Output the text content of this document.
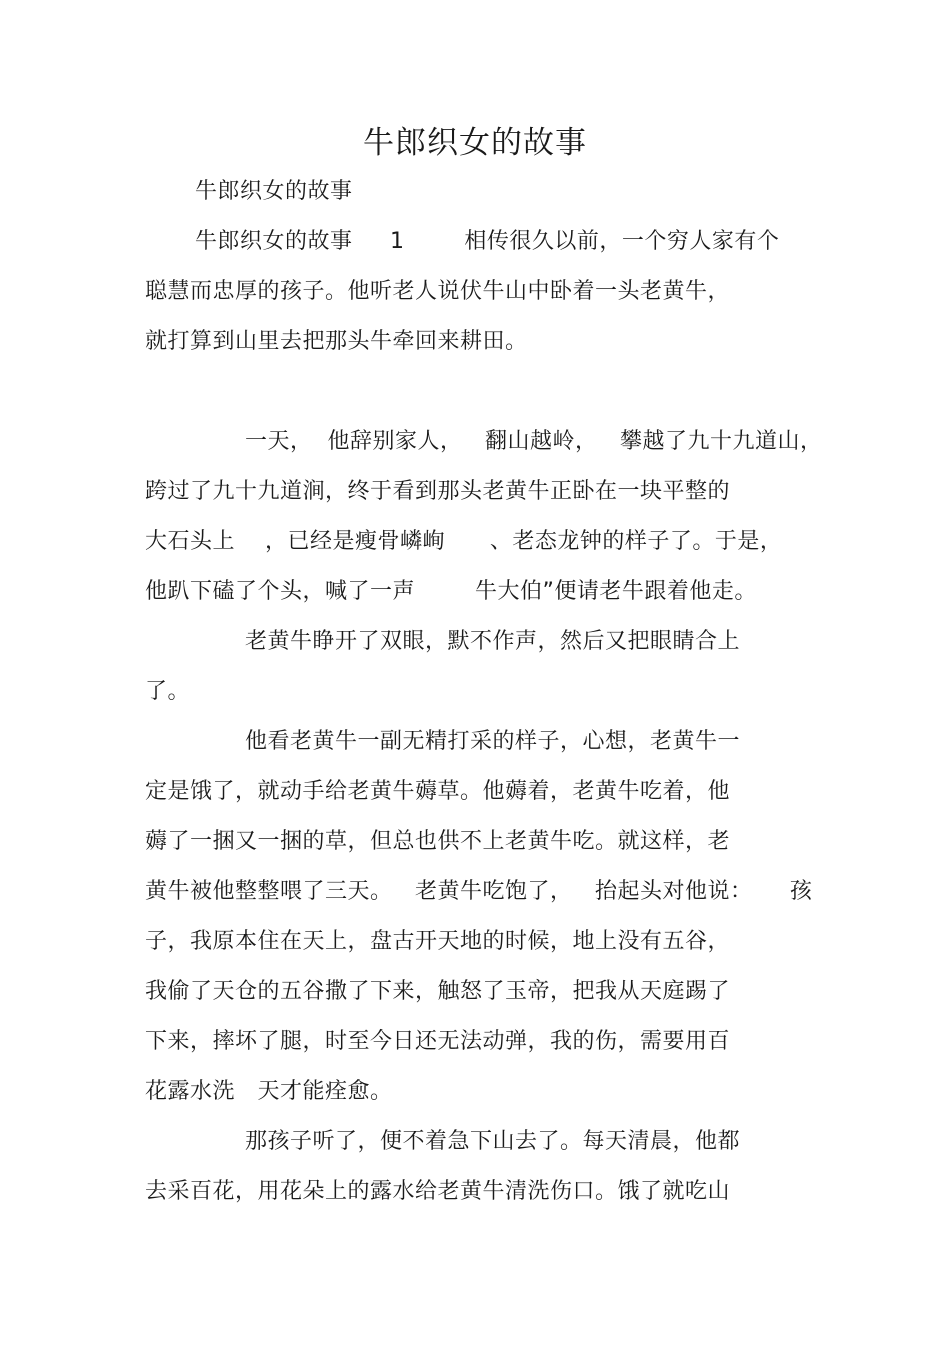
牛郎织女的故事
牛郎织女的故事
牛郎织女的故事     1        相传很久以前，一个穷人家有个
聪慧而忠厚的孩子。他听老人说伏牛山中卧着一头老黄牛，
就打算到山里去把那头牛牵回来耕田。
一天，  他辞别家人，   翻山越岭，   攀越了九十九道山，
跨过了九十九道涧，终于看到那头老黄牛正卧在一块平整的
大石头上    ，已经是瘦骨嶙峋      、老态龙钟的样子了。于是，
他趴下磕了个头，喊了一声        牛大伯”便请老牛跟着他走。
老黄牛睁开了双眼，默不作声，然后又把眼睛合上
了。
他看老黄牛一副无精打采的样子，心想，老黄牛一
定是饿了，就动手给老黄牛薅草。他薅着，老黄牛吃着，他
薅了一捆又一捆的草，但总也供不上老黄牛吃。就这样，老
黄牛被他整整喂了三天。   老黄牛吃饱了，   抬起头对他说：     孩
子，我原本住在天上，盘古开天地的时候，地上没有五谷，
我偷了天仓的五谷撒了下来，触怒了玉帝，把我从天庭踢了
下来，摔坏了腿，时至今日还无法动弹，我的伤，需要用百
花露水洗   天才能痊愈。
那孩子听了，便不着急下山去了。每天清晨，他都
去采百花，用花朵上的露水给老黄牛清洗伤口。饿了就吃山
